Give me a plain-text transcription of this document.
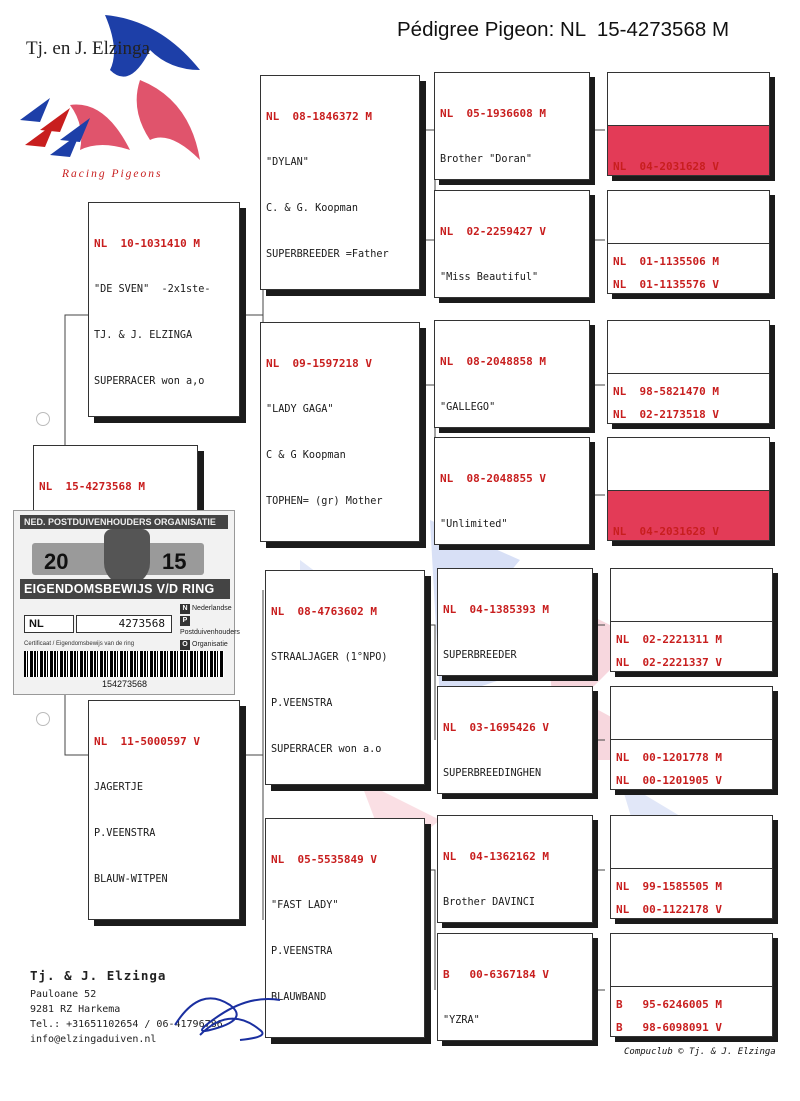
Tj. en J. Elzinga
Racing Pigeons
Pédigree Pigeon: NL  15-4273568 M

NL  15-4273568 M

NL  10-1031410 M

"DE SVEN"  -2x1ste-

TJ. & J. ELZINGA

SUPERRACER won a,o

NL  11-5000597 V

JAGERTJE

P.VEENSTRA

BLAUW-WITPEN

NL  08-1846372 M

"DYLAN"

C. & G. Koopman

SUPERBREEDER =Father

NL  09-1597218 V

"LADY GAGA"

C & G Koopman

TOPHEN= (gr) Mother

NL  08-4763602 M

STRAALJAGER (1°NPO)

P.VEENSTRA

SUPERRACER won a.o

NL  05-5535849 V

"FAST LADY"

P.VEENSTRA

BLAUWBAND

NL  05-1936608 M

Brother "Doran"

NL  02-2259427 V

"Miss Beautiful"

NL  08-2048858 M

"GALLEGO"

NL  08-2048855 V

"Unlimited"

NL  04-1385393 M

SUPERBREEDER

NL  03-1695426 V

SUPERBREEDINGHEN

NL  04-1362162 M

Brother DAVINCI

B   00-6367184 V

"YZRA"

NL  04-2031628 V

NL  01-1135506 M

NL  01-1135576 V

NL  98-5821470 M

NL  02-2173518 V

NL  04-2031628 V

NL  02-2221311 M

NL  02-2221337 V

NL  00-1201778 M

NL  00-1201905 V

NL  99-1585505 M

NL  00-1122178 V

B   95-6246005 M

B   98-6098091 V

NED. POSTDUIVENHOUDERS ORGANISATIE
20	15
EIGENDOMSBEWIJS V/D RING
NL	4273568
N Nederlandse
PPostduivenhouders
O Organisatie
Certificaat / Eigendomsbewijs van de ring
154273568
Tj. & J. Elzinga
Pauloane 52
9281 RZ Harkema
Tel.: +31651102654 / 06-41796786
info@elzingaduiven.nl
Compuclub © Tj. & J. Elzinga
